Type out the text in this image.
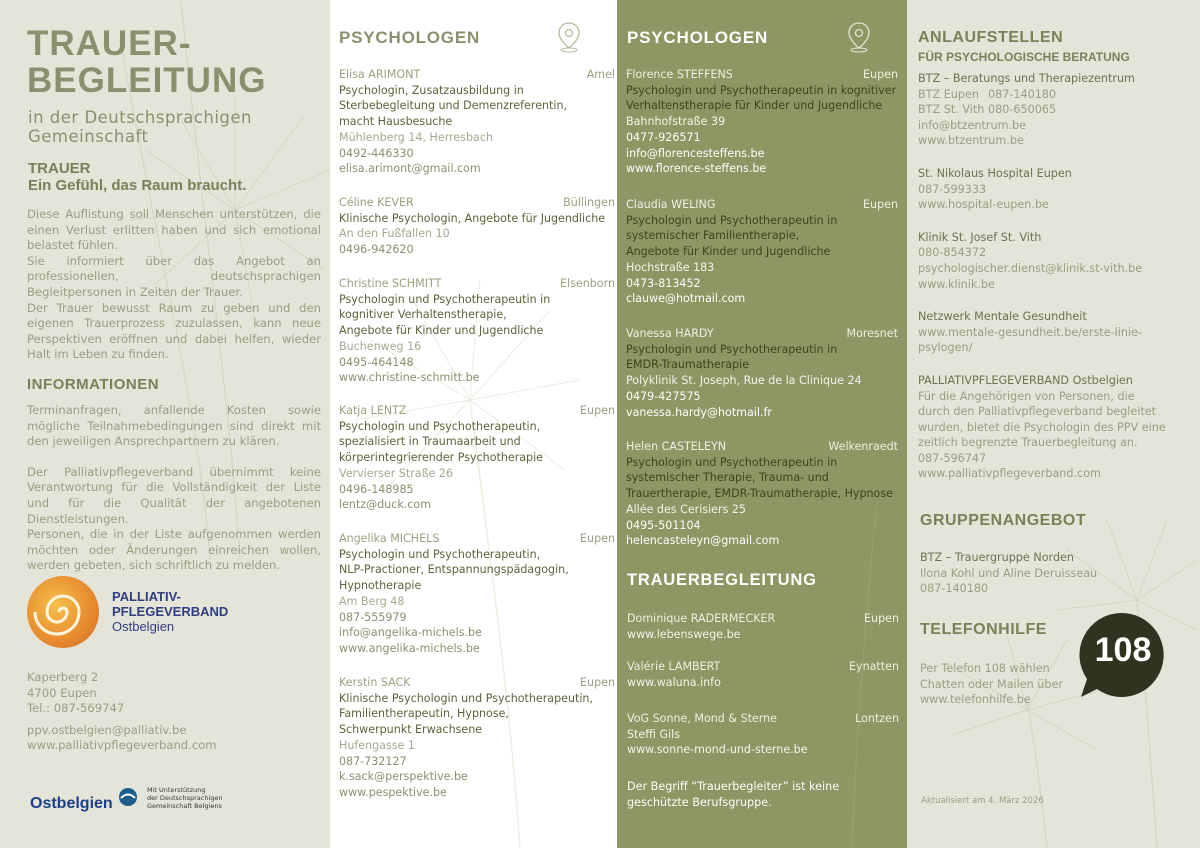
TRAUER-
BEGLEITUNG
in der Deutschsprachigen
Gemeinschaft
TRAUER
Ein Gefühl, das Raum braucht.

Diese Auflistung soll Menschen unterstützen, die einen Verlust erlitten haben und sich emotional belastet fühlen.

Sie informiert über das Angebot an professionellen, deutschsprachigen Begleitpersonen in Zeiten der Trauer.

Der Trauer bewusst Raum zu geben und den eigenen Trauerprozess zuzulassen, kann neue Perspektiven eröffnen und dabei helfen, wieder Halt im Leben zu finden.

INFORMATIONEN

Terminanfragen, anfallende Kosten sowie mögliche Teilnahmebedingungen sind direkt mit den jeweiligen Ansprechpartnern zu klären.

Der Palliativpflegeverband übernimmt keine Verantwortung für die Vollständigkeit der Liste und für die Qualität der angebotenen Dienstleistungen.

Personen, die in der Liste aufgenommen werden möchten oder Änderungen einreichen wollen, werden gebeten, sich schriftlich zu melden.

PALLIATIV-
PFLEGEVERBAND
Ostbelgien
Kaperberg 2
4700 Eupen
Tel.: 087-569747
ppv.ostbelgien@palliativ.be
www.palliativpflegeverband.com
Ostbelgien
Mit Unterstützung
der Deutschsprachigen
Gemeinschaft Belgiens
PSYCHOLOGEN
Elisa ARIMONT	Amel
Psychologin, Zusatzausbildung in
Sterbebegleitung und Demenzreferentin,
macht Hausbesuche
Mühlenberg 14, Herresbach
0492-446330
elisa.arimont@gmail.com
Céline KEVER	Büllingen
Klinische Psychologin, Angebote für Jugendliche
An den Fußfallen 10
0496-942620
Christine SCHMITT	Elsenborn
Psychologin und Psychotherapeutin in
kognitiver Verhaltenstherapie,
Angebote für Kinder und Jugendliche
Buchenweg 16
0495-464148
www.christine-schmitt.be
Katja LENTZ	Eupen
Psychologin und Psychotherapeutin,
spezialisiert in Traumaarbeit und
körperintegrierender Psychotherapie
Vervierser Straße 26
0496-148985
lentz@duck.com
Angelika MICHELS	Eupen
Psychologin und Psychotherapeutin,
NLP-Practioner, Entspannungspädagogin,
Hypnotherapie
Am Berg 48
087-555979
info@angelika-michels.be
www.angelika-michels.be
Kerstin SACK	Eupen
Klinische Psychologin und Psychotherapeutin,
Familientherapeutin, Hypnose,
Schwerpunkt Erwachsene
Hufengasse 1
087-732127
k.sack@perspektive.be
www.pespektive.be
PSYCHOLOGEN
Florence STEFFENS	Eupen
Psychologin und Psychotherapeutin in kognitiver
Verhaltenstherapie für Kinder und Jugendliche
Bahnhofstraße 39
0477-926571
info@florencesteffens.be
www.florence-steffens.be
Claudia WELING	Eupen
Psychologin und Psychotherapeutin in
systemischer Familientherapie,
Angebote für Kinder und Jugendliche
Hochstraße 183
0473-813452
clauwe@hotmail.com
Vanessa HARDY	Moresnet
Psychologin und Psychotherapeutin in
EMDR-Traumatherapie
Polyklinik St. Joseph, Rue de la Clinique 24
0479-427575
vanessa.hardy@hotmail.fr
Helen CASTELEYN	Welkenraedt
Psychologin und Psychotherapeutin in
systemischer Therapie, Trauma- und
Trauertherapie, EMDR-Traumatherapie, Hypnose
Allée des Cerisiers 25
0495-501104
helencasteleyn@gmail.com
TRAUERBEGLEITUNG
Dominique RADERMECKER	Eupen
www.lebenswege.be
Valérie LAMBERT	Eynatten
www.waluna.info
VoG Sonne, Mond & Sterne	Lontzen
Steffi Gils
www.sonne-mond-und-sterne.be
Der Begriff “Trauerbegleiter” ist keine
geschützte Berufsgruppe.
ANLAUFSTELLEN
FÜR PSYCHOLOGISCHE BERATUNG
BTZ – Beratungs und Therapiezentrum
BTZ Eupen 087-140180
BTZ St. Vith 080-650065
info@btzentrum.be
www.btzentrum.be
St. Nikolaus Hospital Eupen
087-599333
www.hospital-eupen.be
Klinik St. Josef St. Vith
080-854372
psychologischer.dienst@klinik.st-vith.be
www.klinik.be
Netzwerk Mentale Gesundheit
www.mentale-gesundheit.be/erste-linie-
psylogen/
PALLIATIVPFLEGEVERBAND Ostbelgien
Für die Angehörigen von Personen, die durch den Palliativpflegeverband begleitet wurden, bietet die Psychologin des PPV eine zeitlich begrenzte Trauerbegleitung an.
087-596747
www.palliativpflegeverband.com
GRUPPENANGEBOT
BTZ – Trauergruppe Norden
Ilona Kohl und Aline Deruisseau
087-140180
TELEFONHILFE
Per Telefon 108 wählen
Chatten oder Mailen über
www.telefonhilfe.be
108
Aktualisiert am 4. März 2026
